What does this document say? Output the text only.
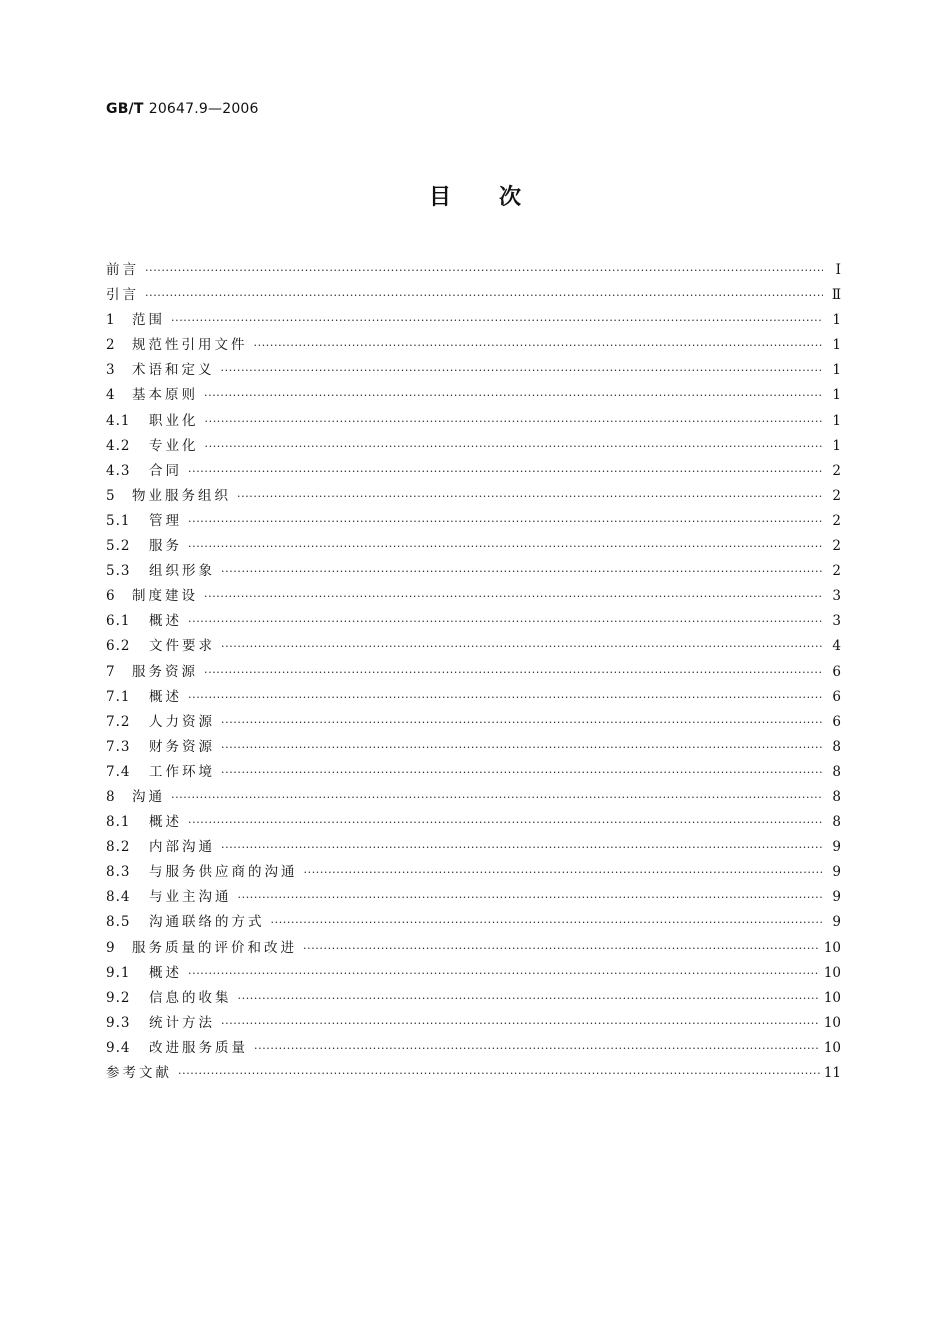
GB/T 20647.9—2006
目次
前言 ·····	Ⅰ
引言 ·····	Ⅱ
1	范围 ·····	1
2	规范性引用文件 ·····	1
3	术语和定义 ·····	1
4	基本原则 ·····	1
4.1	职业化 ·····	1
4.2	专业化 ·····	1
4.3	合同 ·····	2
5	物业服务组织 ·····	2
5.1	管理 ·····	2
5.2	服务 ·····	2
5.3	组织形象 ·····	2
6	制度建设 ·····	3
6.1	概述 ·····	3
6.2	文件要求 ·····	4
7	服务资源 ·····	6
7.1	概述 ·····	6
7.2	人力资源 ·····	6
7.3	财务资源 ·····	8
7.4	工作环境 ·····	8
8	沟通 ·····	8
8.1	概述 ·····	8
8.2	内部沟通 ·····	9
8.3	与服务供应商的沟通 ·····	9
8.4	与业主沟通 ·····	9
8.5	沟通联络的方式 ·····	9
9	服务质量的评价和改进 ·····	10
9.1	概述 ·····	10
9.2	信息的收集 ·····	10
9.3	统计方法 ·····	10
9.4	改进服务质量 ·····	10
参考文献 ·····	11
